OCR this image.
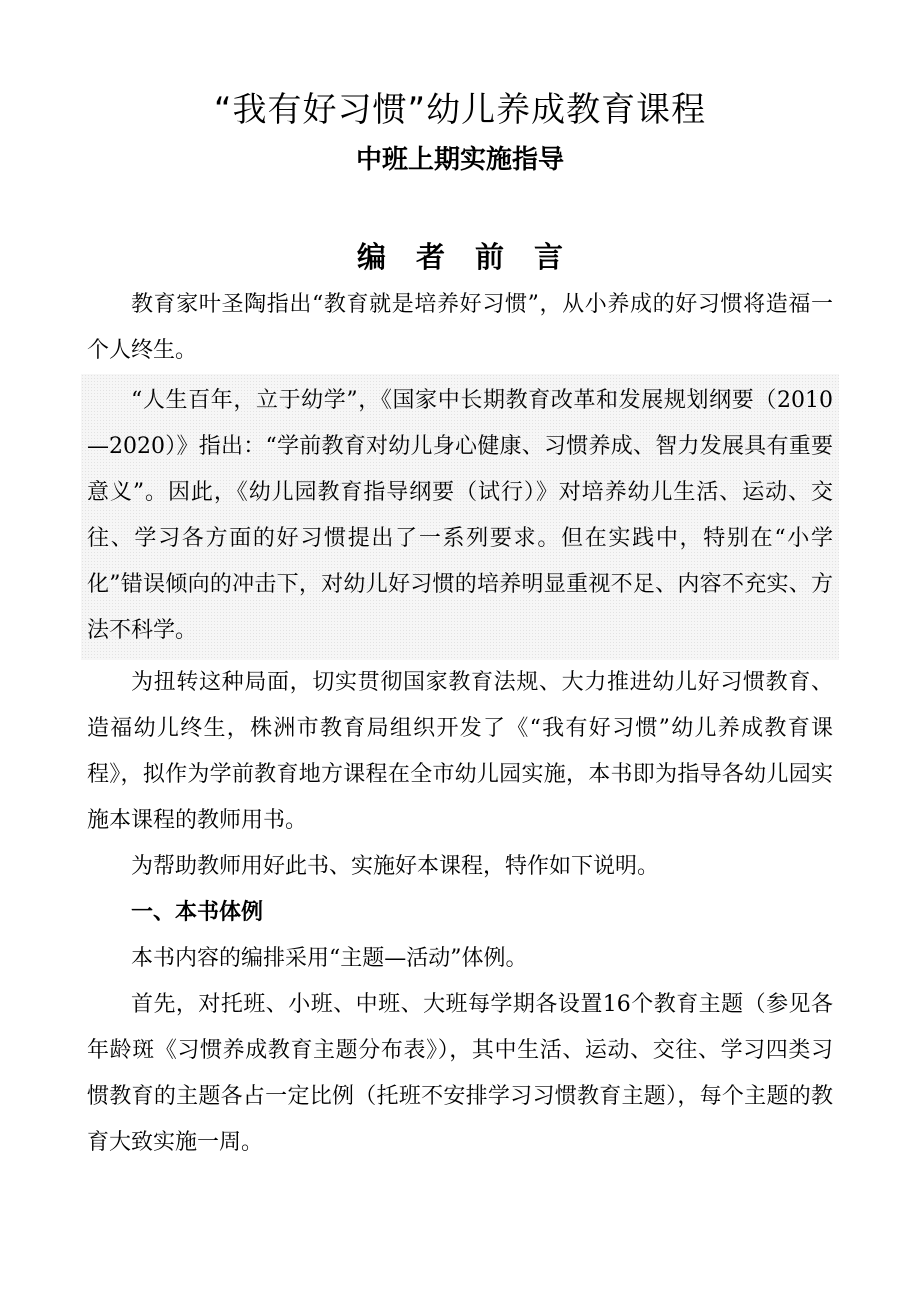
“我有好习惯”幼儿养成教育课程
中班上期实施指导
编者前言

教育家叶圣陶指出“教育就是培养好习惯”，从小养成的好习惯将造福一个人终生。

“人生百年，立于幼学”，《国家中长期教育改革和发展规划纲要（2010—2020）》指出：“学前教育对幼儿身心健康、习惯养成、智力发展具有重要意义”。因此，《幼儿园教育指导纲要（试行）》对培养幼儿生活、运动、交往、学习各方面的好习惯提出了一系列要求。但在实践中，特别在“小学化”错误倾向的冲击下，对幼儿好习惯的培养明显重视不足、内容不充实、方法不科学。

为扭转这种局面，切实贯彻国家教育法规、大力推进幼儿好习惯教育、造福幼儿终生，株洲市教育局组织开发了《“我有好习惯”幼儿养成教育课程》，拟作为学前教育地方课程在全市幼儿园实施，本书即为指导各幼儿园实施本课程的教师用书。

为帮助教师用好此书、实施好本课程，特作如下说明。

一、本书体例

本书内容的编排采用“主题—活动”体例。

首先，对托班、小班、中班、大班每学期各设置16个教育主题（参见各年龄斑《习惯养成教育主题分布表》），其中生活、运动、交往、学习四类习惯教育的主题各占一定比例（托班不安排学习习惯教育主题），每个主题的教育大致实施一周。
